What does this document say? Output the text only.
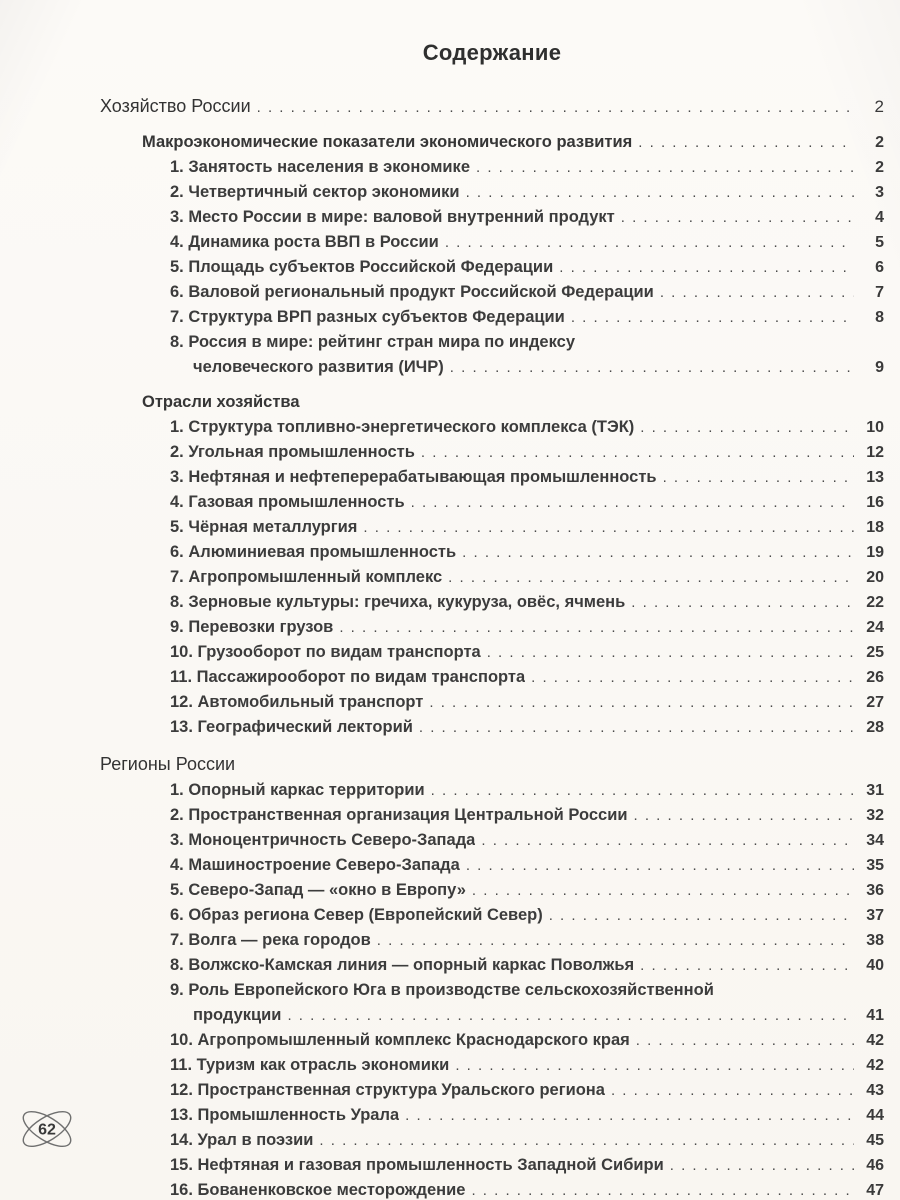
Содержание
Хозяйство России . . .	2
Макроэкономические показатели экономического развития . . .	2
1. Занятость населения в экономике . . .	2
2. Четвертичный сектор экономики . . .	3
3. Место России в мире: валовой внутренний продукт . . .	4
4. Динамика роста ВВП в России . . .	5
5. Площадь субъектов Российской Федерации . . .	6
6. Валовой региональный продукт Российской Федерации . . .	7
7. Структура ВРП разных субъектов Федерации . . .	8
8. Россия в мире: рейтинг стран мира по индексу
человеческого развития (ИЧР) . . .	9
Отрасли хозяйства
1. Структура топливно-энергетического комплекса (ТЭК) . . .	10
2. Угольная промышленность . . .	12
3. Нефтяная и нефтеперерабатывающая промышленность . . .	13
4. Газовая промышленность . . .	16
5. Чёрная металлургия . . .	18
6. Алюминиевая промышленность . . .	19
7. Агропромышленный комплекс . . .	20
8. Зерновые культуры: гречиха, кукуруза, овёс, ячмень . . .	22
9. Перевозки грузов . . .	24
10. Грузооборот по видам транспорта . . .	25
11. Пассажирооборот по видам транспорта . . .	26
12. Автомобильный транспорт . . .	27
13. Географический лекторий . . .	28
Регионы России
1. Опорный каркас территории . . .	31
2. Пространственная организация Центральной России . . .	32
3. Моноцентричность Северо-Запада . . .	34
4. Машиностроение Северо-Запада . . .	35
5. Северо-Запад — «окно в Европу» . . .	36
6. Образ региона Север (Европейский Север) . . .	37
7. Волга — река городов . . .	38
8. Волжско-Камская линия — опорный каркас Поволжья . . .	40
9. Роль Европейского Юга в производстве сельскохозяйственной
продукции . . .	41
10. Агропромышленный комплекс Краснодарского края . . .	42
11. Туризм как отрасль экономики . . .	42
12. Пространственная структура Уральского региона . . .	43
13. Промышленность Урала . . .	44
14. Урал в поэзии . . .	45
15. Нефтяная и газовая промышленность Западной Сибири . . .	46
16. Бованенковское месторождение . . .	47
62
